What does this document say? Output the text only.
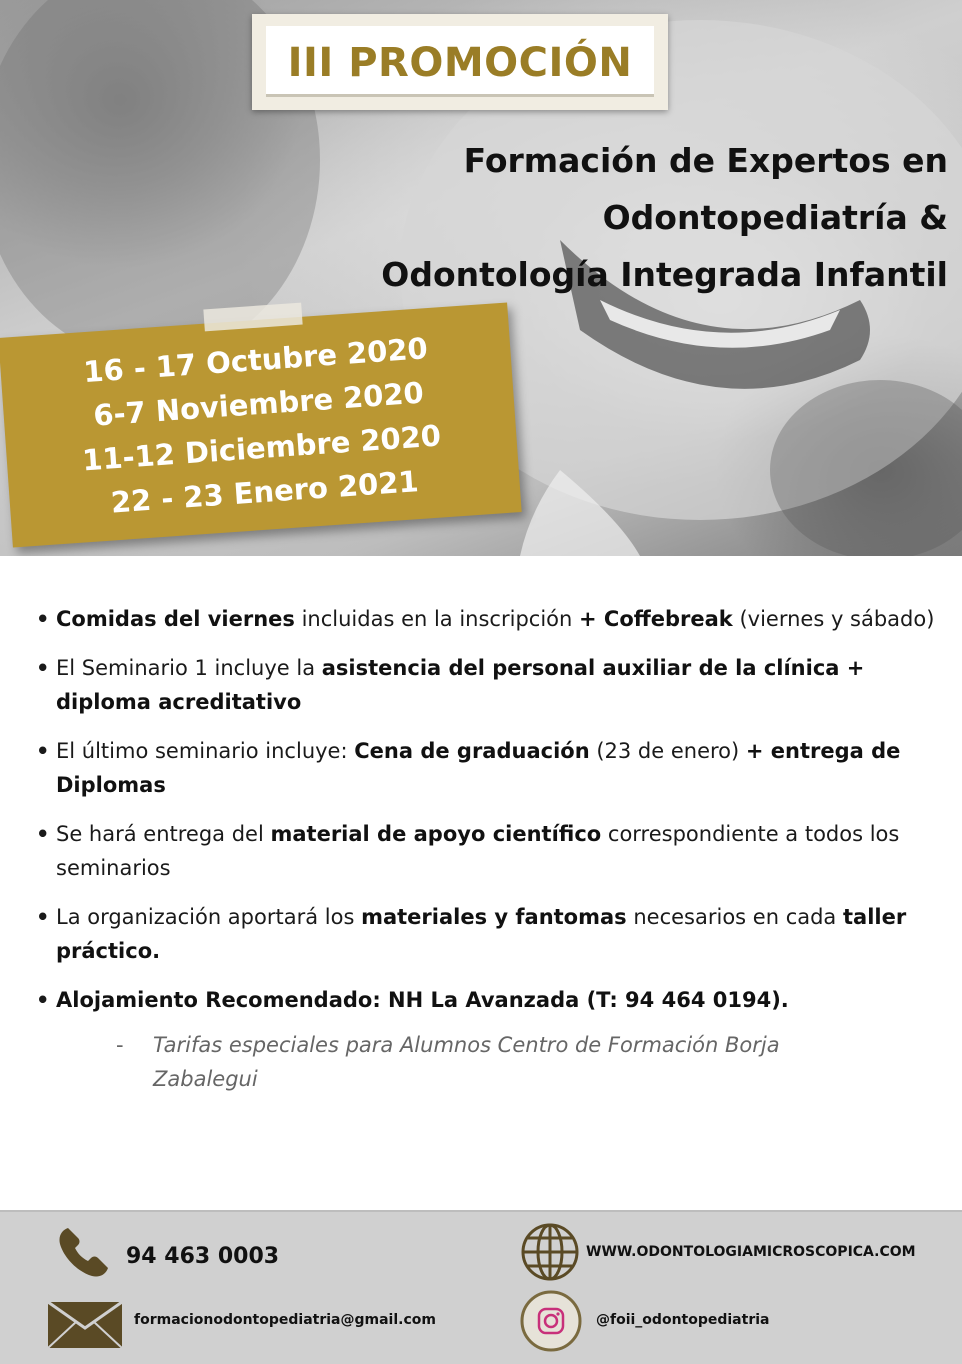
III PROMOCIÓN
Formación de Expertos en
Odontopediatría &
Odontología Integrada Infantil
16 - 17 Octubre 2020
6-7 Noviembre 2020
11-12 Diciembre 2020
22 - 23 Enero 2021
• Comidas del viernes incluidas en la inscripción + Coffebreak (viernes y sábado)
• El Seminario 1 incluye la asistencia del personal auxiliar de la clínica + diploma acreditativo
• El último seminario incluye: Cena de graduación (23 de enero) + entrega de Diplomas
• Se hará entrega del material de apoyo científico correspondiente a todos los seminarios
• La organización aportará los materiales y fantomas necesarios en cada taller práctico.
• Alojamiento Recomendado: NH La Avanzada (T: 94 464 0194).
- Tarifas especiales para Alumnos Centro de Formación Borja Zabalegui
94 463 0003	WWW.ODONTOLOGIAMICROSCOPICA.COM
formacionodontopediatria@gmail.com	@foii_odontopediatria
